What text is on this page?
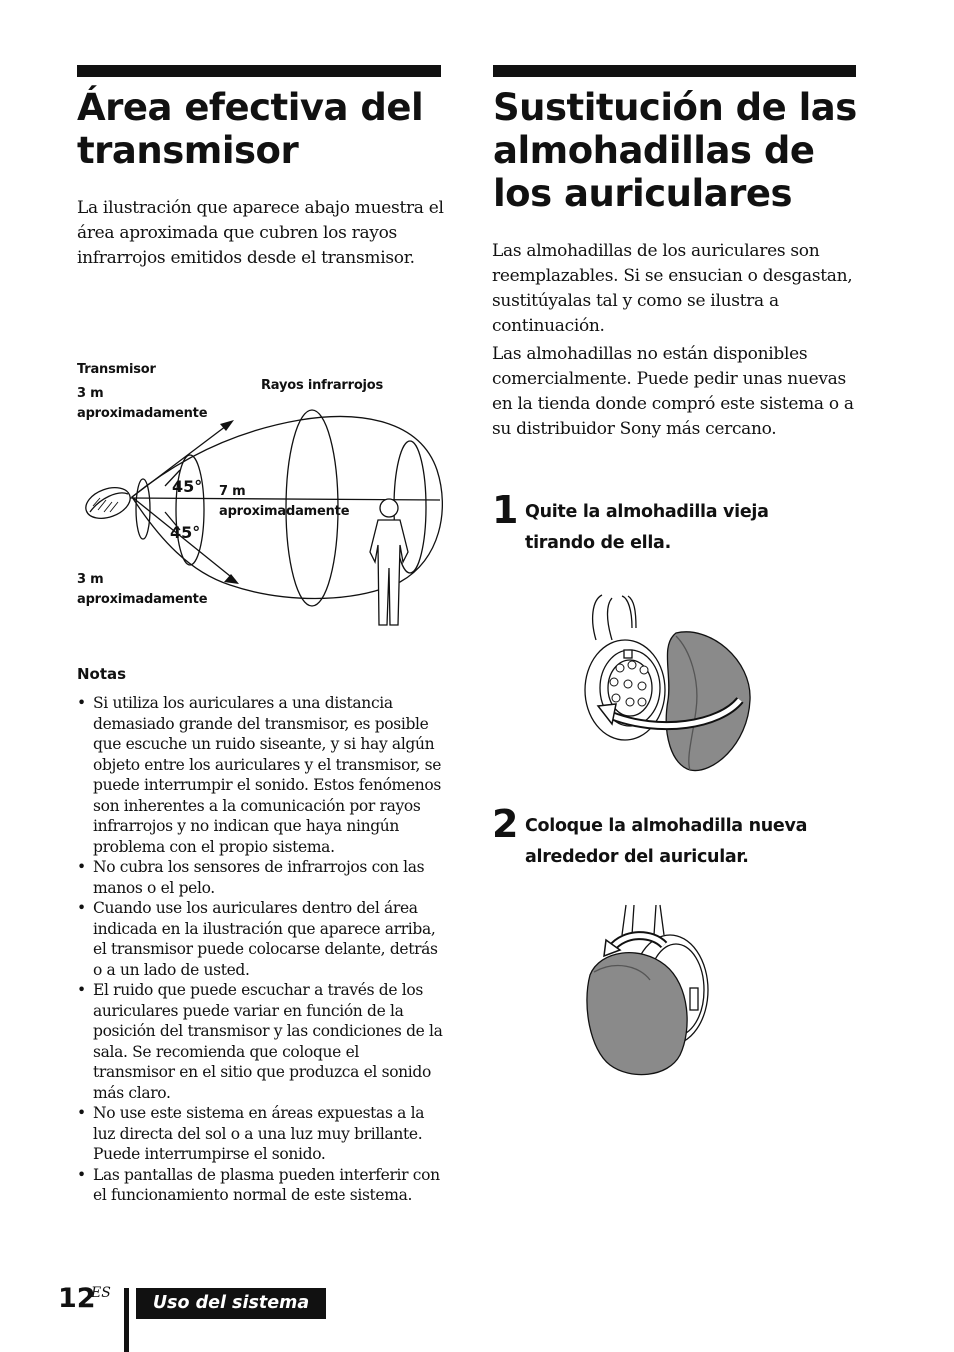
Área efectiva del
transmisor

La ilustración que aparece abajo muestra el área aproximada que cubren los rayos infrarrojos emitidos desde el transmisor.

Transmisor
3 m
aproximadamente
Rayos infrarrojos
45°
45°
7 m
aproximadamente
3 m
aproximadamente
Notas
• Si utiliza los auriculares a una distancia demasiado grande del transmisor, es posible que escuche un ruido siseante, y si hay algún objeto entre los auriculares y el transmisor, se puede interrumpir el sonido. Estos fenómenos son inherentes a la comunicación por rayos infrarrojos y no indican que haya ningún problema con el propio sistema.
• No cubra los sensores de infrarrojos con las manos o el pelo.
• Cuando use los auriculares dentro del área indicada en la ilustración que aparece arriba, el transmisor puede colocarse delante, detrás o a un lado de usted.
• El ruido que puede escuchar a través de los auriculares puede variar en función de la posición del transmisor y las condiciones de la sala. Se recomienda que coloque el transmisor en el sitio que produzca el sonido más claro.
• No use este sistema en áreas expuestas a la luz directa del sol o a una luz muy brillante. Puede interrumpirse el sonido.
• Las pantallas de plasma pueden interferir con el funcionamiento normal de este sistema.
Sustitución de las
almohadillas de
los auriculares

Las almohadillas de los auriculares son reemplazables. Si se ensucian o desgastan, sustitúyalas tal y como se ilustra a continuación.

Las almohadillas no están disponibles comercialmente. Puede pedir unas nuevas en la tienda donde compró este sistema o a su distribuidor Sony más cercano.

1 Quite la almohadilla vieja
tirando de ella.

2 Coloque la almohadilla nueva
alrededor del auricular.

12
ES	Uso del sistema
